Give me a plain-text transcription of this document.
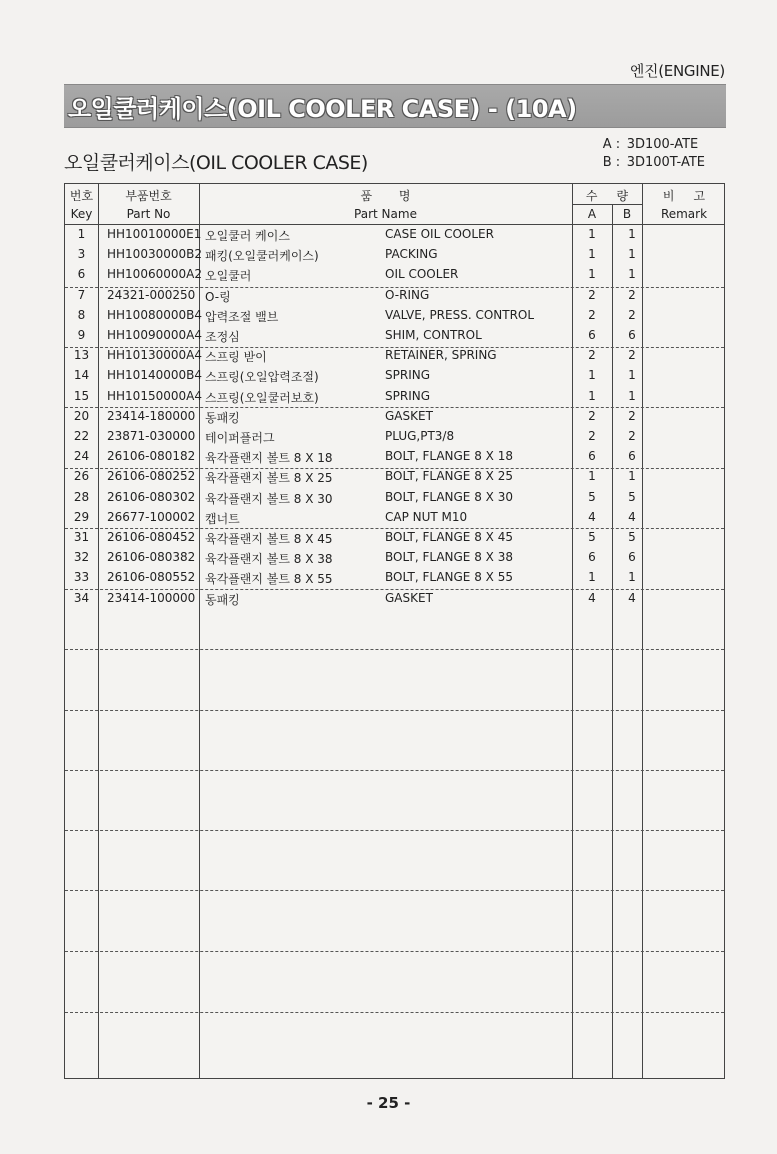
엔진(ENGINE)
오일쿨러케이스(OIL COOLER CASE) - (10A)
오일쿨러케이스(OIL COOLER CASE)
A : 3D100-ATE
B : 3D100T-ATE
번호	부품번호	품       명	수     량	비     고
Key	Part No	Part Name	A	B	Remark
1	HH10010000E1 오일쿨러 케이스	CASE OIL COOLER	1	1
3	HH10030000B2 패킹(오일쿨러케이스)	PACKING	1	1
6	HH10060000A2 오일쿨러	OIL COOLER	1	1
7	24321-000250 O-링	O-RING	2	2
8	HH10080000B4 압력조절 밸브	VALVE, PRESS. CONTROL	2	2
9	HH10090000A4 조정심	SHIM, CONTROL	6	6
13	HH10130000A4 스프링 받이	RETAINER, SPRING	2	2
14	HH10140000B4 스프링(오일압력조절)	SPRING	1	1
15	HH10150000A4 스프링(오일쿨러보호)	SPRING	1	1
20	23414-180000 동패킹	GASKET	2	2
22	23871-030000 테이퍼플러그	PLUG,PT3/8	2	2
24	26106-080182 육각플랜지 볼트 8 X 18	BOLT, FLANGE 8 X 18	6	6
26	26106-080252 육각플랜지 볼트 8 X 25	BOLT, FLANGE 8 X 25	1	1
28	26106-080302 육각플랜지 볼트 8 X 30	BOLT, FLANGE 8 X 30	5	5
29	26677-100002 캡너트	CAP NUT M10	4	4
31	26106-080452 육각플랜지 볼트 8 X 45	BOLT, FLANGE 8 X 45	5	5
32	26106-080382 육각플랜지 볼트 8 X 38	BOLT, FLANGE 8 X 38	6	6
33	26106-080552 육각플랜지 볼트 8 X 55	BOLT, FLANGE 8 X 55	1	1
34	23414-100000 동패킹	GASKET	4	4
- 25 -
